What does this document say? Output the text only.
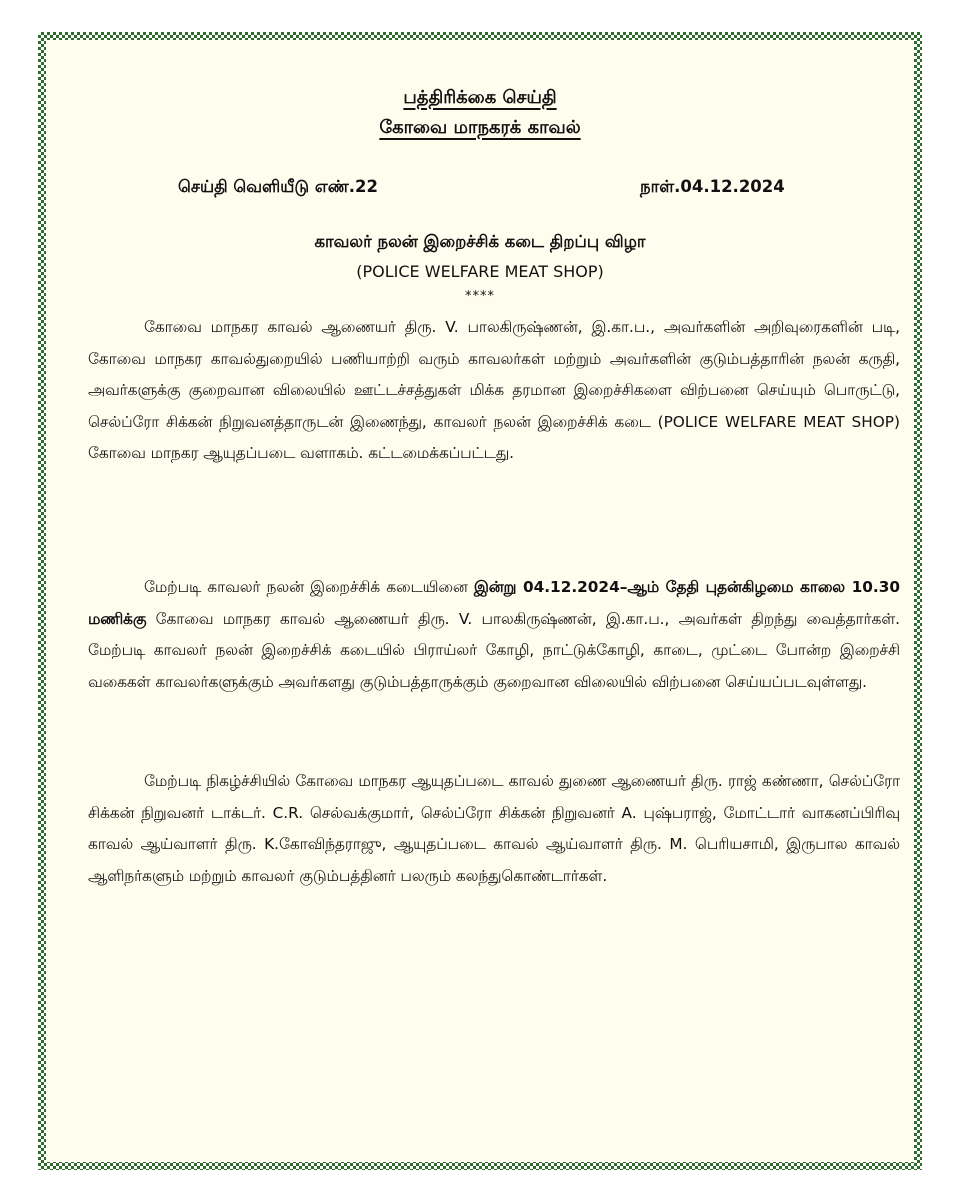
பத்திரிக்கை செய்தி
கோவை மாநகரக் காவல்
செய்தி வெளியீடு எண்.22	நாள்.04.12.2024
காவலர் நலன் இறைச்சிக் கடை திறப்பு விழா
(POLICE WELFARE MEAT SHOP)
****

கோவை மாநகர காவல் ஆணையர் திரு. V. பாலகிருஷ்ணன், இ.கா.ப., அவர்களின் அறிவுரைகளின் படி, கோவை மாநகர காவல்துறையில் பணியாற்றி வரும் காவலர்கள் மற்றும் அவர்களின் குடும்பத்தாரின் நலன் கருதி, அவர்களுக்கு குறைவான விலையில் ஊட்டச்சத்துகள் மிக்க தரமான இறைச்சிகளை விற்பனை செய்யும் பொருட்டு, செல்ப்ரோ சிக்கன் நிறுவனத்தாருடன் இணைந்து, காவலர் நலன் இறைச்சிக் கடை (POLICE WELFARE MEAT SHOP) கோவை மாநகர ஆயுதப்படை வளாகம். கட்டமைக்கப்பட்டது.

மேற்படி காவலர் நலன் இறைச்சிக் கடையினை இன்று 04.12.2024–ஆம் தேதி புதன்கிழமை காலை 10.30 மணிக்கு கோவை மாநகர காவல் ஆணையர் திரு. V. பாலகிருஷ்ணன், இ.கா.ப., அவர்கள் திறந்து வைத்தார்கள். மேற்படி காவலர் நலன் இறைச்சிக் கடையில் பிராய்லர் கோழி, நாட்டுக்கோழி, காடை, முட்டை போன்ற இறைச்சி வகைகள் காவலர்களுக்கும் அவர்களது குடும்பத்தாருக்கும் குறைவான விலையில் விற்பனை செய்யப்படவுள்ளது.

மேற்படி நிகழ்ச்சியில் கோவை மாநகர ஆயுதப்படை காவல் துணை ஆணையர் திரு. ராஜ் கண்ணா, செல்ப்ரோ சிக்கன் நிறுவனர் டாக்டர். C.R. செல்வக்குமார், செல்ப்ரோ சிக்கன் நிறுவனர் A. புஷ்பராஜ், மோட்டார் வாகனப்பிரிவு காவல் ஆய்வாளர் திரு. K.கோவிந்தராஜு, ஆயுதப்படை காவல் ஆய்வாளர் திரு. M. பெரியசாமி, இருபால காவல் ஆளிநர்களும் மற்றும் காவலர் குடும்பத்தினர் பலரும் கலந்துகொண்டார்கள்.
